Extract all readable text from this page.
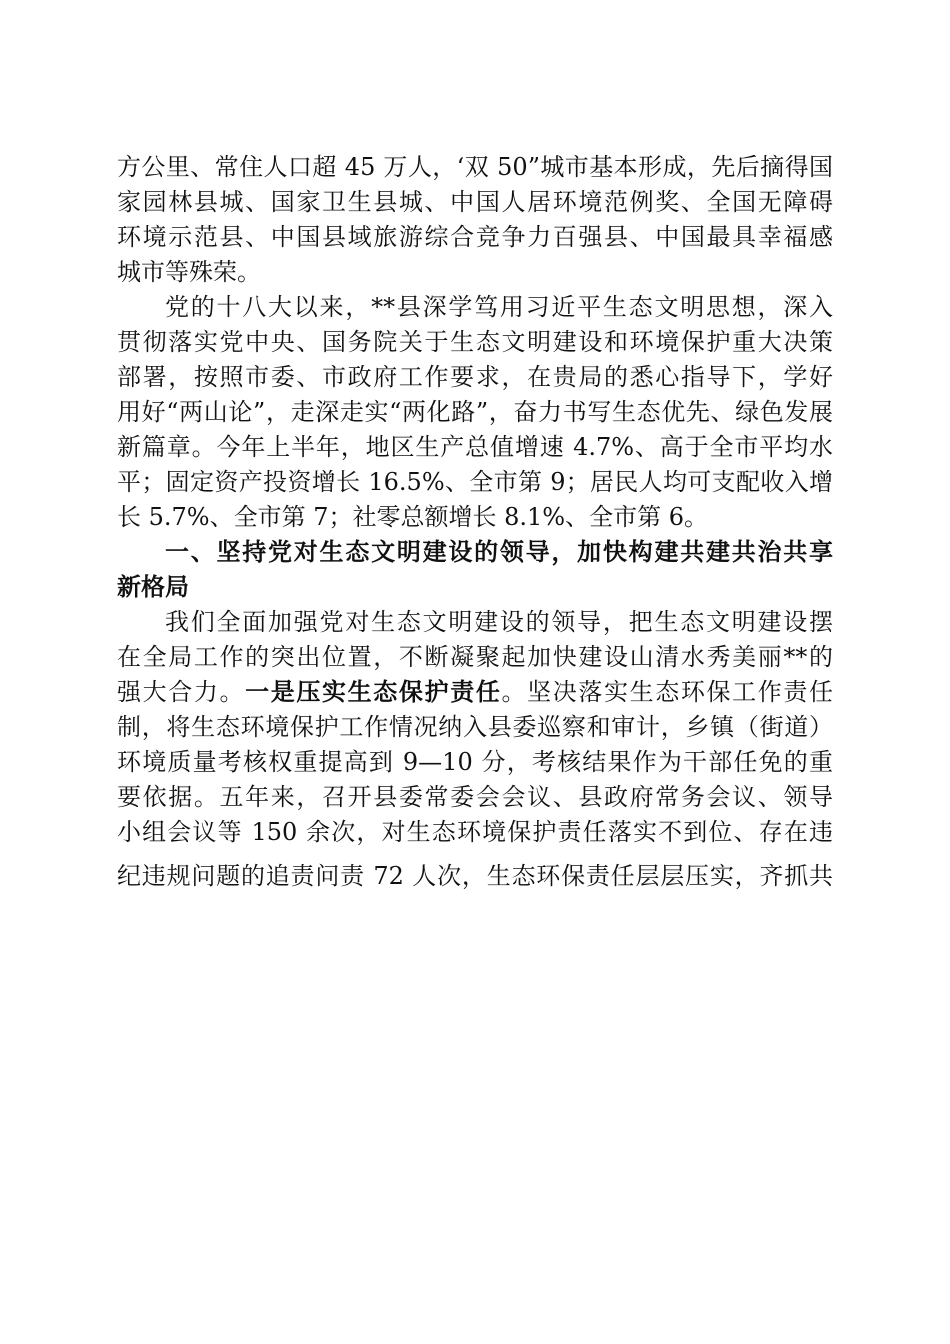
方公里、常住人口超 45 万人，‘双 50”城市基本形成，先后摘得国
家园林县城、国家卫生县城、中国人居环境范例奖、全国无障碍
环境示范县、中国县域旅游综合竞争力百强县、中国最具幸福感
城市等殊荣。

党的十八大以来，**县深学笃用习近平生态文明思想，深入
贯彻落实党中央、国务院关于生态文明建设和环境保护重大决策
部署，按照市委、市政府工作要求，在贵局的悉心指导下，学好
用好“两山论”，走深走实“两化路”，奋力书写生态优先、绿色发展
新篇章。今年上半年，地区生产总值增速 4.7%、高于全市平均水
平；固定资产投资增长 16.5%、全市第 9；居民人均可支配收入增
长 5.7%、全市第 7；社零总额增长 8.1%、全市第 6。

一、坚持党对生态文明建设的领导，加快构建共建共治共享
新格局

我们全面加强党对生态文明建设的领导，把生态文明建设摆
在全局工作的突出位置，不断凝聚起加快建设山清水秀美丽**的
强大合力。一是压实生态保护责任。坚决落实生态环保工作责任
制，将生态环境保护工作情况纳入县委巡察和审计，乡镇（街道）
环境质量考核权重提高到 9—10 分，考核结果作为干部任免的重
要依据。五年来，召开县委常委会会议、县政府常务会议、领导
小组会议等 150 余次，对生态环境保护责任落实不到位、存在违
纪违规问题的追责问责 72 人次，生态环保责任层层压实，齐抓共
